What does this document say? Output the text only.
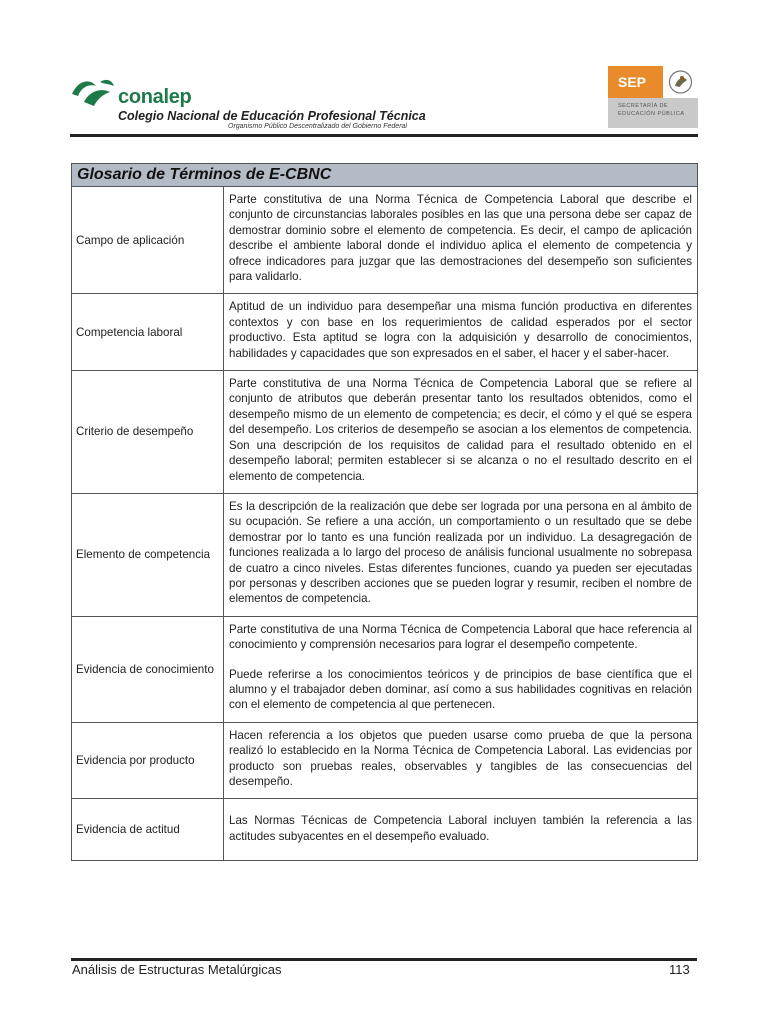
conalep
Colegio Nacional de Educación Profesional Técnica
Organismo Público Descentralizado del Gobierno Federal
SEP
SECRETARÍA DE
EDUCACIÓN PÚBLICA
Glosario de Términos de E-CBNC
Campo de aplicación

Parte constitutiva de una Norma Técnica de Competencia Laboral que describe el conjunto de circunstancias laborales posibles en las que una persona debe ser capaz de demostrar dominio sobre el elemento de competencia. Es decir, el campo de aplicación describe el ambiente laboral donde el individuo aplica el elemento de competencia y ofrece indicadores para juzgar que las demostraciones del desempeño son suficientes para validarlo.

Competencia laboral

Aptitud de un individuo para desempeñar una misma función productiva en diferentes contextos y con base en los requerimientos de calidad esperados por el sector productivo. Esta aptitud se logra con la adquisición y desarrollo de conocimientos, habilidades y capacidades que son expresados en el saber, el hacer y el saber-hacer.

Criterio de desempeño

Parte constitutiva de una Norma Técnica de Competencia Laboral que se refiere al conjunto de atributos que deberán presentar tanto los resultados obtenidos, como el desempeño mismo de un elemento de competencia; es decir, el cómo y el qué se espera del desempeño. Los criterios de desempeño se asocian a los elementos de competencia. Son una descripción de los requisitos de calidad para el resultado obtenido en el desempeño laboral; permiten establecer si se alcanza o no el resultado descrito en el elemento de competencia.

Elemento de competencia

Es la descripción de la realización que debe ser lograda por una persona en al ámbito de su ocupación. Se refiere a una acción, un comportamiento o un resultado que se debe demostrar por lo tanto es una función realizada por un individuo. La desagregación de funciones realizada a lo largo del proceso de análisis funcional usualmente no sobrepasa de cuatro a cinco niveles. Estas diferentes funciones, cuando ya pueden ser ejecutadas por personas y describen acciones que se pueden lograr y resumir, reciben el nombre de elementos de competencia.

Evidencia de conocimiento

Parte constitutiva de una Norma Técnica de Competencia Laboral que hace referencia al conocimiento y comprensión necesarios para lograr el desempeño competente.

Puede referirse a los conocimientos teóricos y de principios de base científica que el alumno y el trabajador deben dominar, así como a sus habilidades cognitivas en relación con el elemento de competencia al que pertenecen.

Evidencia por producto

Hacen referencia a los objetos que pueden usarse como prueba de que la persona realizó lo establecido en la Norma Técnica de Competencia Laboral. Las evidencias por producto son pruebas reales, observables y tangibles de las consecuencias del desempeño.

Evidencia de actitud

Las Normas Técnicas de Competencia Laboral incluyen también la referencia a las actitudes subyacentes en el desempeño evaluado.

Análisis de Estructuras Metalúrgicas	113
